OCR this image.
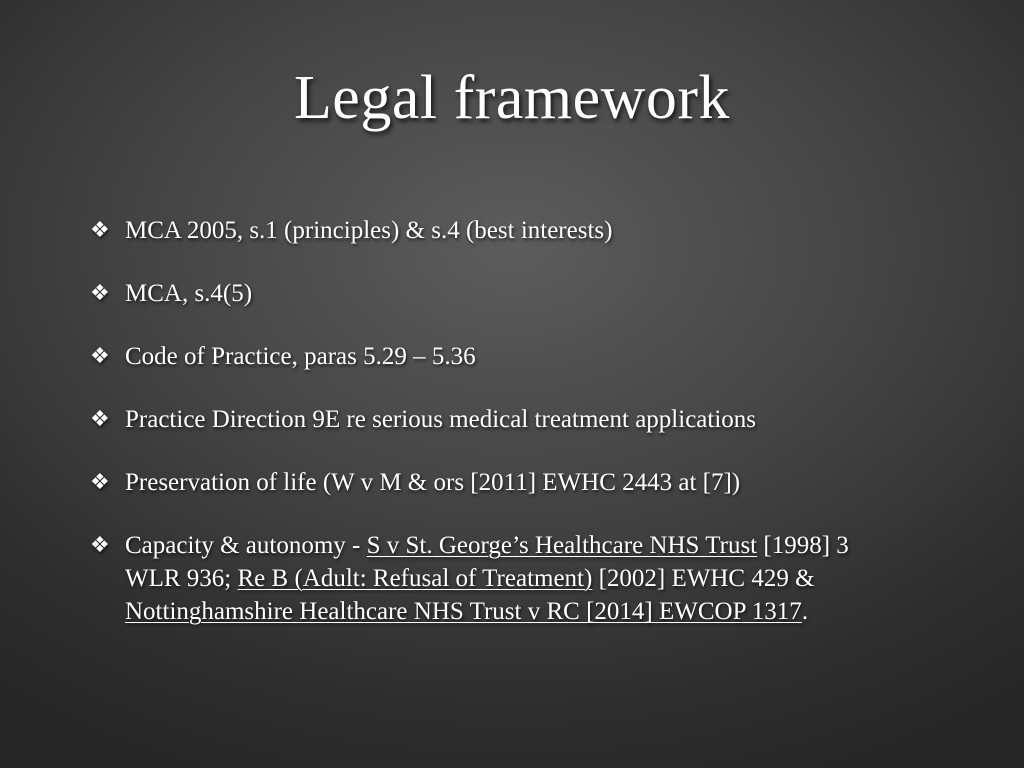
Legal framework
❖ MCA 2005, s.1 (principles) & s.4 (best interests)
❖ MCA, s.4(5)
❖ Code of Practice, paras 5.29 – 5.36
❖ Practice Direction 9E re serious medical treatment applications
❖ Preservation of life (W v M & ors [2011] EWHC 2443 at [7])
❖ Capacity & autonomy - S v St. George’s Healthcare NHS Trust [1998] 3 WLR 936; Re B (Adult: Refusal of Treatment) [2002] EWHC 429 & Nottinghamshire Healthcare NHS Trust v RC [2014] EWCOP 1317.
